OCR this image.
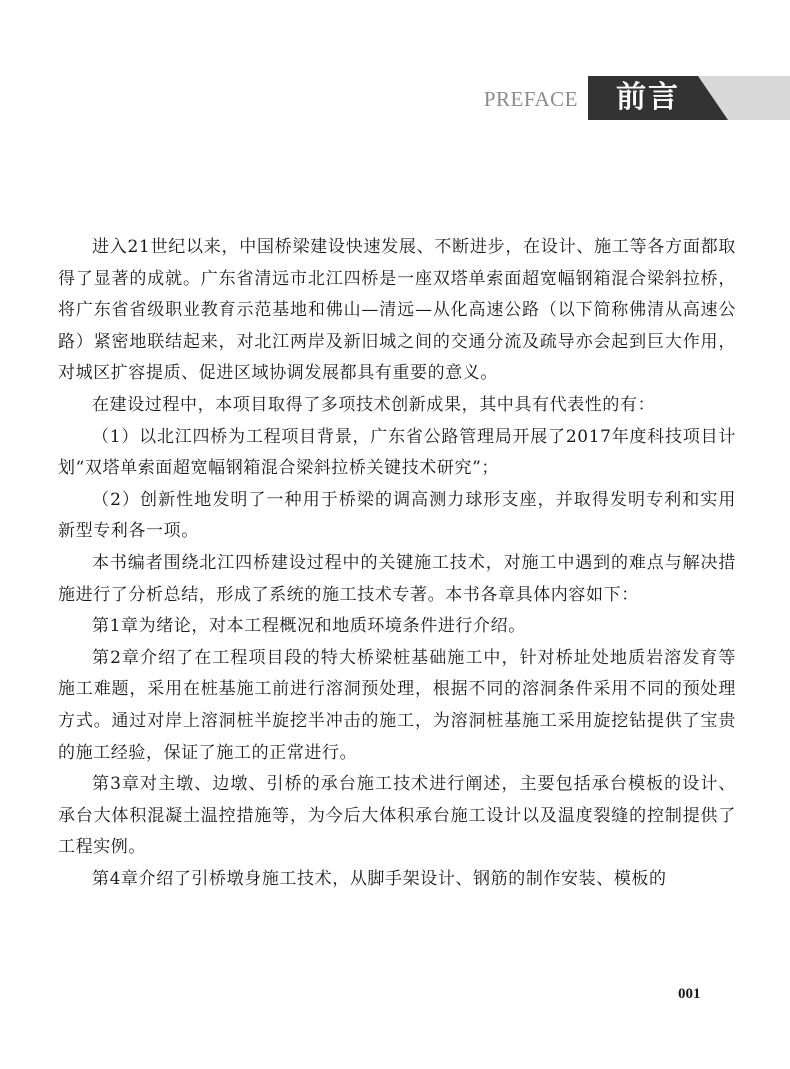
PREFACE 前言

进入21世纪以来，中国桥梁建设快速发展、不断进步，在设计、施工等各方面都取得了显著的成就。广东省清远市北江四桥是一座双塔单索面超宽幅钢箱混合梁斜拉桥，将广东省省级职业教育示范基地和佛山—清远—从化高速公路（以下简称佛清从高速公路）紧密地联结起来，对北江两岸及新旧城之间的交通分流及疏导亦会起到巨大作用，对城区扩容提质、促进区域协调发展都具有重要的意义。

在建设过程中，本项目取得了多项技术创新成果，其中具有代表性的有：

（1）以北江四桥为工程项目背景，广东省公路管理局开展了2017年度科技项目计划“双塔单索面超宽幅钢箱混合梁斜拉桥关键技术研究”；

（2）创新性地发明了一种用于桥梁的调高测力球形支座，并取得发明专利和实用新型专利各一项。

本书编者围绕北江四桥建设过程中的关键施工技术，对施工中遇到的难点与解决措施进行了分析总结，形成了系统的施工技术专著。本书各章具体内容如下：

第1章为绪论，对本工程概况和地质环境条件进行介绍。

第2章介绍了在工程项目段的特大桥梁桩基础施工中，针对桥址处地质岩溶发育等施工难题，采用在桩基施工前进行溶洞预处理，根据不同的溶洞条件采用不同的预处理方式。通过对岸上溶洞桩半旋挖半冲击的施工，为溶洞桩基施工采用旋挖钻提供了宝贵的施工经验，保证了施工的正常进行。

第3章对主墩、边墩、引桥的承台施工技术进行阐述，主要包括承台模板的设计、承台大体积混凝土温控措施等，为今后大体积承台施工设计以及温度裂缝的控制提供了工程实例。

第4章介绍了引桥墩身施工技术，从脚手架设计、钢筋的制作安装、模板的

001
